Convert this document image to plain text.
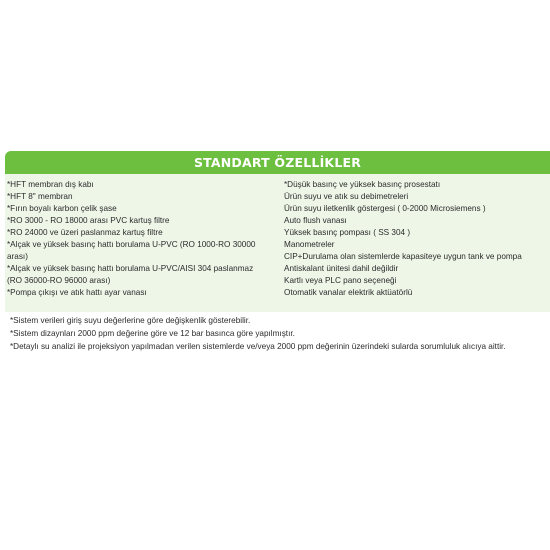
STANDART ÖZELLİKLER
*HFT membran dış kabı
*HFT 8" membran
*Fırın boyalı karbon çelik şase
*RO 3000 - RO 18000 arası PVC kartuş filtre
*RO 24000 ve üzeri paslanmaz kartuş filtre
*Alçak ve yüksek basınç hattı borulama U-PVC (RO 1000-RO 30000
arası)
*Alçak ve yüksek basınç hattı borulama U-PVC/AISI 304 paslanmaz
(RO 36000-RO 96000 arası)
*Pompa çıkışı ve atık hattı ayar vanası
*Düşük basınç ve yüksek basınç prosestatı
Ürün suyu ve atık su debimetreleri
Ürün suyu iletkenlik göstergesi ( 0-2000 Microsiemens )
Auto flush vanası
Yüksek basınç pompası ( SS 304 )
Manometreler
CIP+Durulama olan sistemlerde kapasiteye uygun tank ve pompa
Antiskalant ünitesi dahil değildir
Kartlı veya PLC pano seçeneği
Otomatik vanalar elektrik aktüatörlü
*Sistem verileri giriş suyu değerlerine göre değişkenlik gösterebilir.
*Sistem dizaynları 2000 ppm değerine göre ve 12 bar basınca göre yapılmıştır.
*Detaylı su analizi ile projeksiyon yapılmadan verilen sistemlerde ve/veya 2000 ppm değerinin üzerindeki sularda sorumluluk alıcıya aittir.
